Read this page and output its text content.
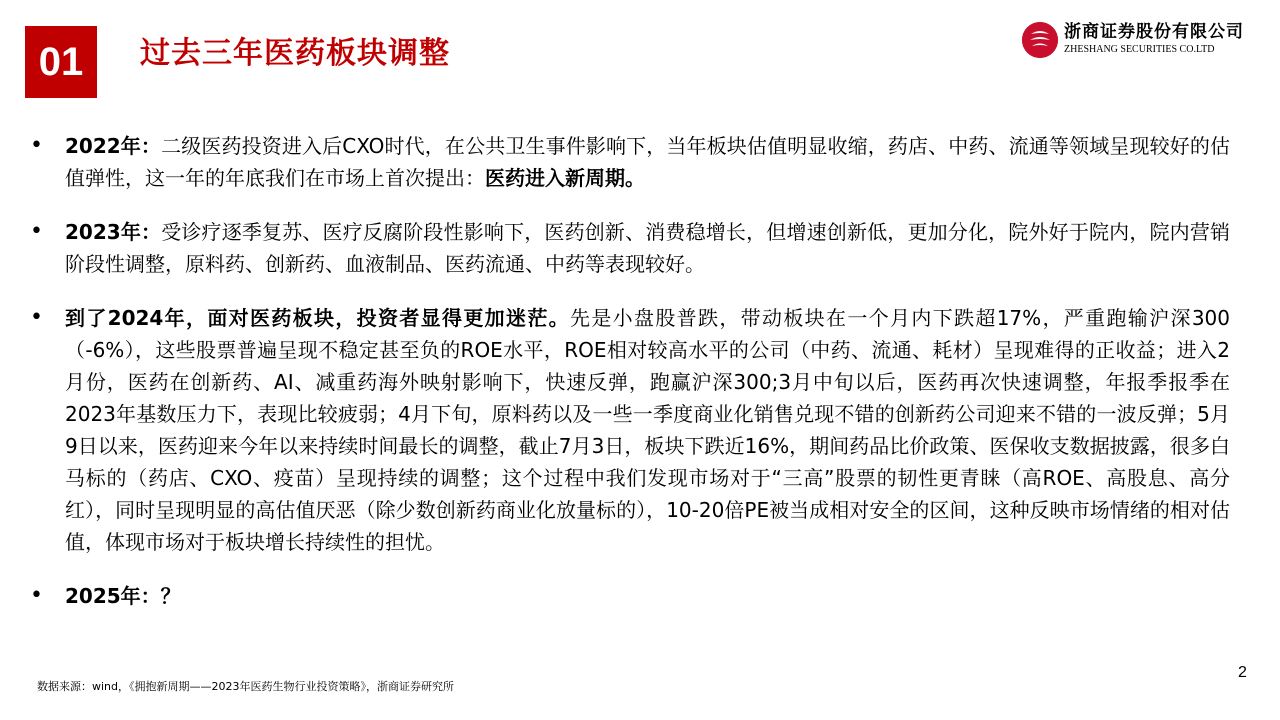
01	过去三年医药板块调整
浙商证券股份有限公司
ZHESHANG SECURITIES CO.LTD
• 2022年：二级医药投资进入后CXO时代，在公共卫生事件影响下，当年板块估值明显收缩，药店、中药、流通等领域呈现较好的估值弹性，这一年的年底我们在市场上首次提出：医药进入新周期。
• 2023年：受诊疗逐季复苏、医疗反腐阶段性影响下，医药创新、消费稳增长，但增速创新低，更加分化，院外好于院内，院内营销阶段性调整，原料药、创新药、血液制品、医药流通、中药等表现较好。
• 到了2024年，面对医药板块，投资者显得更加迷茫。先是小盘股普跌，带动板块在一个月内下跌超17%，严重跑输沪深300（-6%），这些股票普遍呈现不稳定甚至负的ROE水平，ROE相对较高水平的公司（中药、流通、耗材）呈现难得的正收益；进入2月份，医药在创新药、AI、减重药海外映射影响下，快速反弹，跑赢沪深300;3月中旬以后，医药再次快速调整，年报季报季在2023年基数压力下，表现比较疲弱；4月下旬，原料药以及一些一季度商业化销售兑现不错的创新药公司迎来不错的一波反弹；5月9日以来，医药迎来今年以来持续时间最长的调整，截止7月3日，板块下跌近16%，期间药品比价政策、医保收支数据披露，很多白马标的（药店、CXO、疫苗）呈现持续的调整；这个过程中我们发现市场对于“三高”股票的韧性更青睐（高ROE、高股息、高分红），同时呈现明显的高估值厌恶（除少数创新药商业化放量标的），10-20倍PE被当成相对安全的区间，这种反映市场情绪的相对估值，体现市场对于板块增长持续性的担忧。
• 2025年：？
数据来源：wind，《拥抱新周期——2023年医药生物行业投资策略》，浙商证券研究所
2
